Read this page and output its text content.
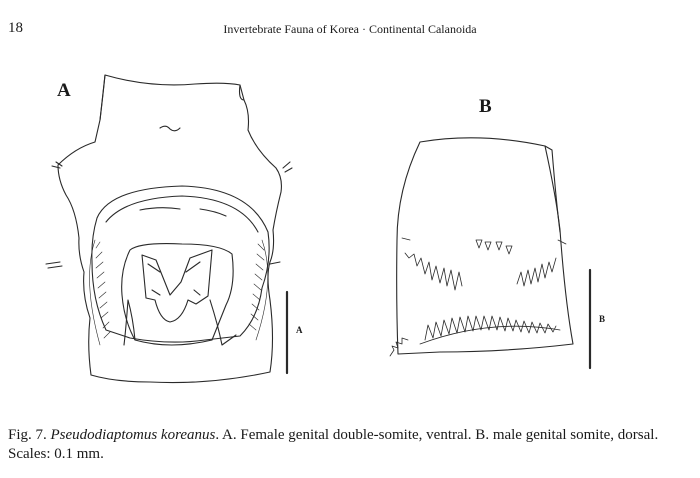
18	Invertebrate Fauna of Korea · Continental Calanoida
A
B
A
B
Fig. 7. Pseudodiaptomus koreanus. A. Female genital double-somite, ventral. B. male genital somite, dorsal. Scales: 0.1 mm.
